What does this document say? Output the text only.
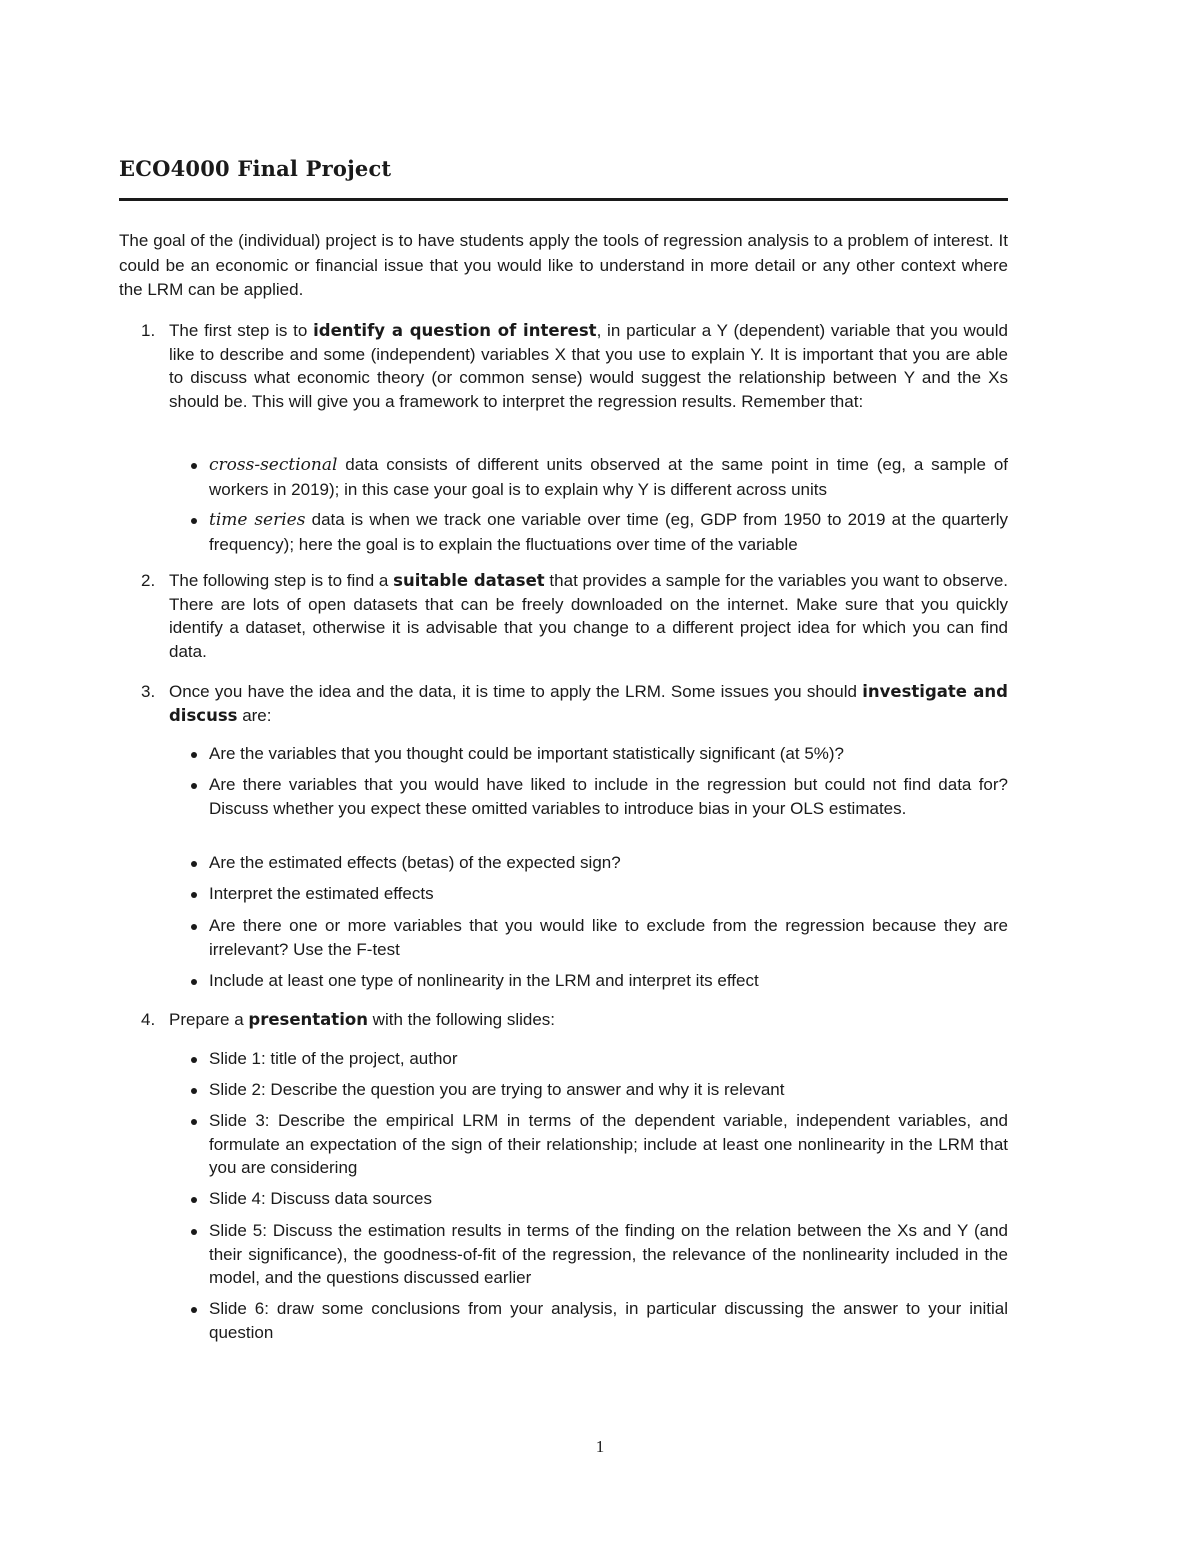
ECO4000 Final Project

The goal of the (individual) project is to have students apply the tools of regression analysis to a problem of interest. It could be an economic or financial issue that you would like to understand in more detail or any other context where the LRM can be applied.

1. The first step is to identify a question of interest, in particular a Y (dependent) variable that you would like to describe and some (independent) variables X that you use to explain Y. It is important that you are able to discuss what economic theory (or common sense) would suggest the relationship between Y and the Xs should be. This will give you a framework to interpret the regression results. Remember that:
cross-sectional data consists of different units observed at the same point in time (eg, a sample of workers in 2019); in this case your goal is to explain why Y is different across units
time series data is when we track one variable over time (eg, GDP from 1950 to 2019 at the quarterly frequency); here the goal is to explain the fluctuations over time of the variable
2. The following step is to find a suitable dataset that provides a sample for the variables you want to observe. There are lots of open datasets that can be freely downloaded on the internet. Make sure that you quickly identify a dataset, otherwise it is advisable that you change to a different project idea for which you can find data.
3. Once you have the idea and the data, it is time to apply the LRM. Some issues you should investigate and discuss are:
Are the variables that you thought could be important statistically significant (at 5%)?
Are there variables that you would have liked to include in the regression but could not find data for? Discuss whether you expect these omitted variables to introduce bias in your OLS estimates.
Are the estimated effects (betas) of the expected sign?
Interpret the estimated effects
Are there one or more variables that you would like to exclude from the regression because they are irrelevant? Use the F-test
Include at least one type of nonlinearity in the LRM and interpret its effect
4. Prepare a presentation with the following slides:
Slide 1: title of the project, author
Slide 2: Describe the question you are trying to answer and why it is relevant
Slide 3: Describe the empirical LRM in terms of the dependent variable, independent variables, and formulate an expectation of the sign of their relationship; include at least one nonlinearity in the LRM that you are considering
Slide 4: Discuss data sources
Slide 5: Discuss the estimation results in terms of the finding on the relation between the Xs and Y (and their significance), the goodness-of-fit of the regression, the relevance of the nonlinearity included in the model, and the questions discussed earlier
Slide 6: draw some conclusions from your analysis, in particular discussing the answer to your initial question
1
